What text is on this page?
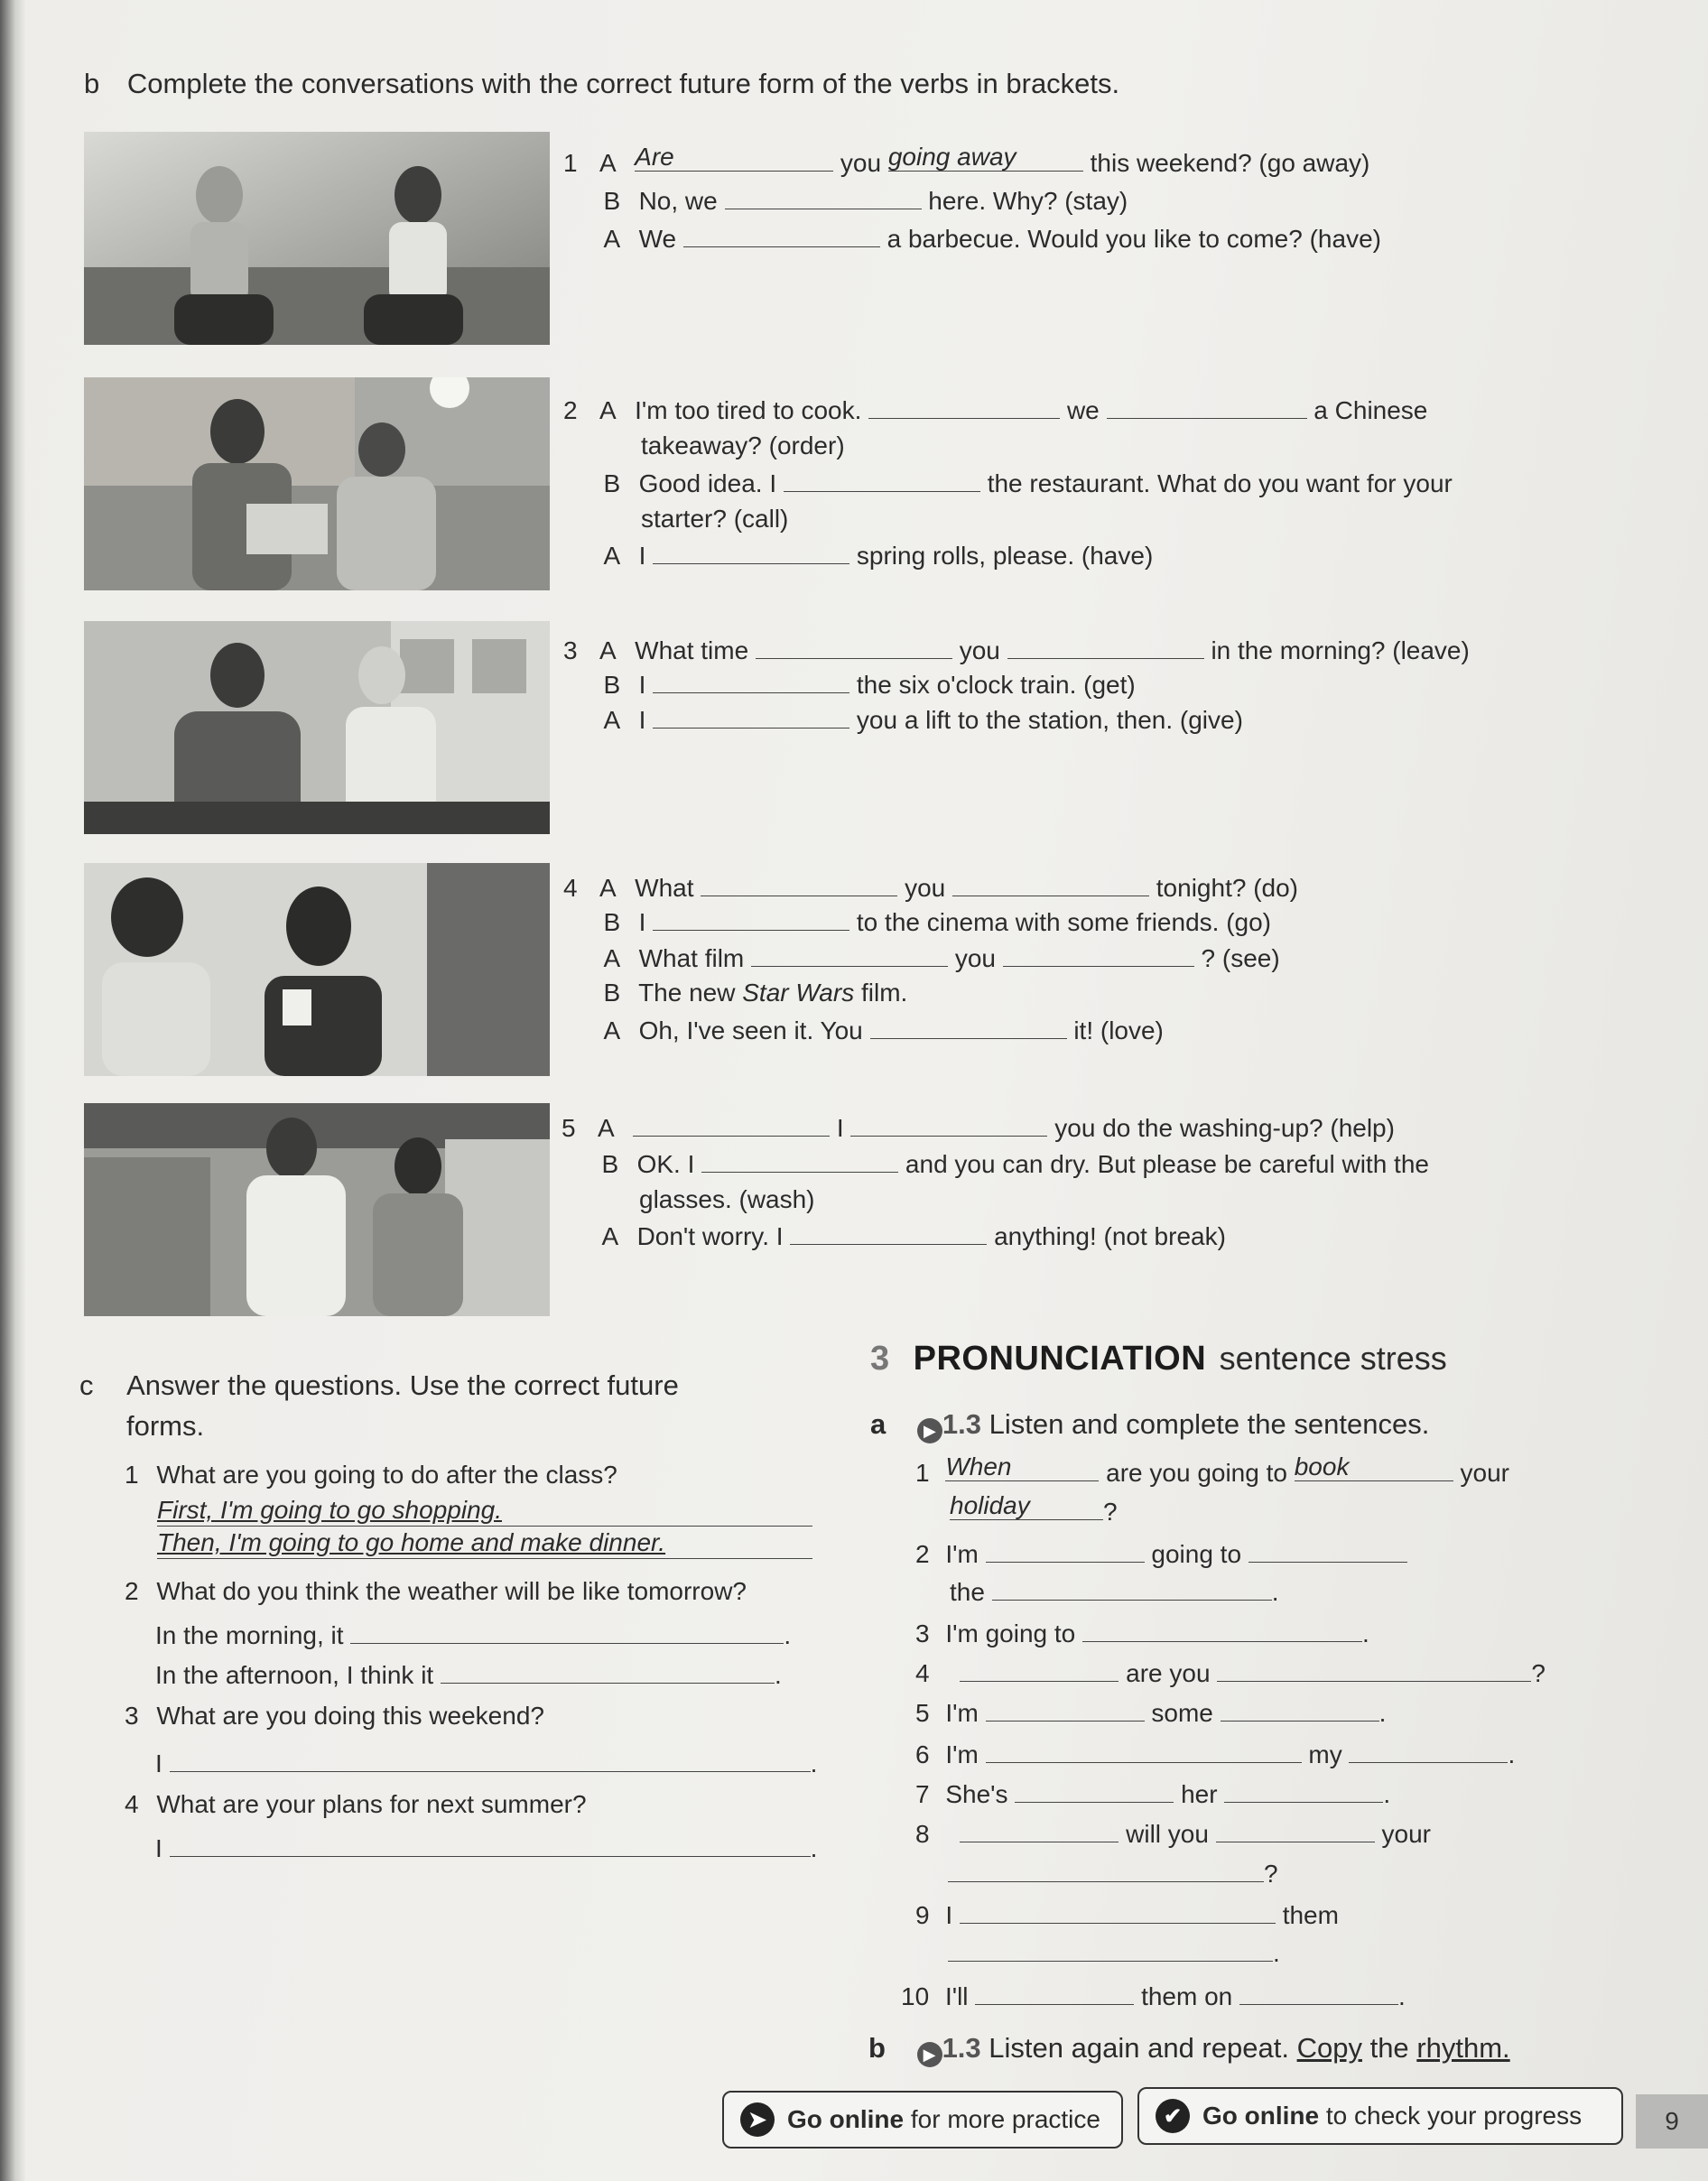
b Complete the conversations with the correct future form of the verbs in brackets.
1 A Are	you going away	this weekend? (go away)
B No, we	here. Why? (stay)
A We	a barbecue. Would you like to come? (have)
2 A I'm too tired to cook.	we	a Chinese
takeaway? (order)
B Good idea. I	the restaurant. What do you want for your
starter? (call)
A I	spring rolls, please. (have)
3 A What time	you	in the morning? (leave)
B I	the six o'clock train. (get)
A I	you a lift to the station, then. (give)
4 A What	you	tonight? (do)
B I	to the cinema with some friends. (go)
A What film	you	? (see)
B The new Star Wars film.
A Oh, I've seen it. You	it! (love)
5 A	I	you do the washing-up? (help)
B OK. I	and you can dry. But please be careful with the
glasses. (wash)
A Don't worry. I	anything! (not break)
c Answer the questions. Use the correct future
forms.
1 What are you going to do after the class?
First, I'm going to go shopping.
Then, I'm going to go home and make dinner.
2 What do you think the weather will be like tomorrow?
In the morning, it	.
In the afternoon, I think it	.
3 What are you doing this weekend?
I	.
4 What are your plans for next summer?
I	.
3 PRONUNCIATION sentence stress
a ▶ 1.3 Listen and complete the sentences.
1 When	are you going to book	your
holiday	?
2 I'm	going to
the	.
3 I'm going to	.
4	are you	?
5 I'm	some	.
6 I'm	my	.
7 She's	her	.
8	will you	your
?
9 I	them
.
10 I'll	them on	.
b ▶ 1.3 Listen again and repeat. Copy the rhythm.
➤ Go online
for more practice	✔ Go online
to check your progress	9
